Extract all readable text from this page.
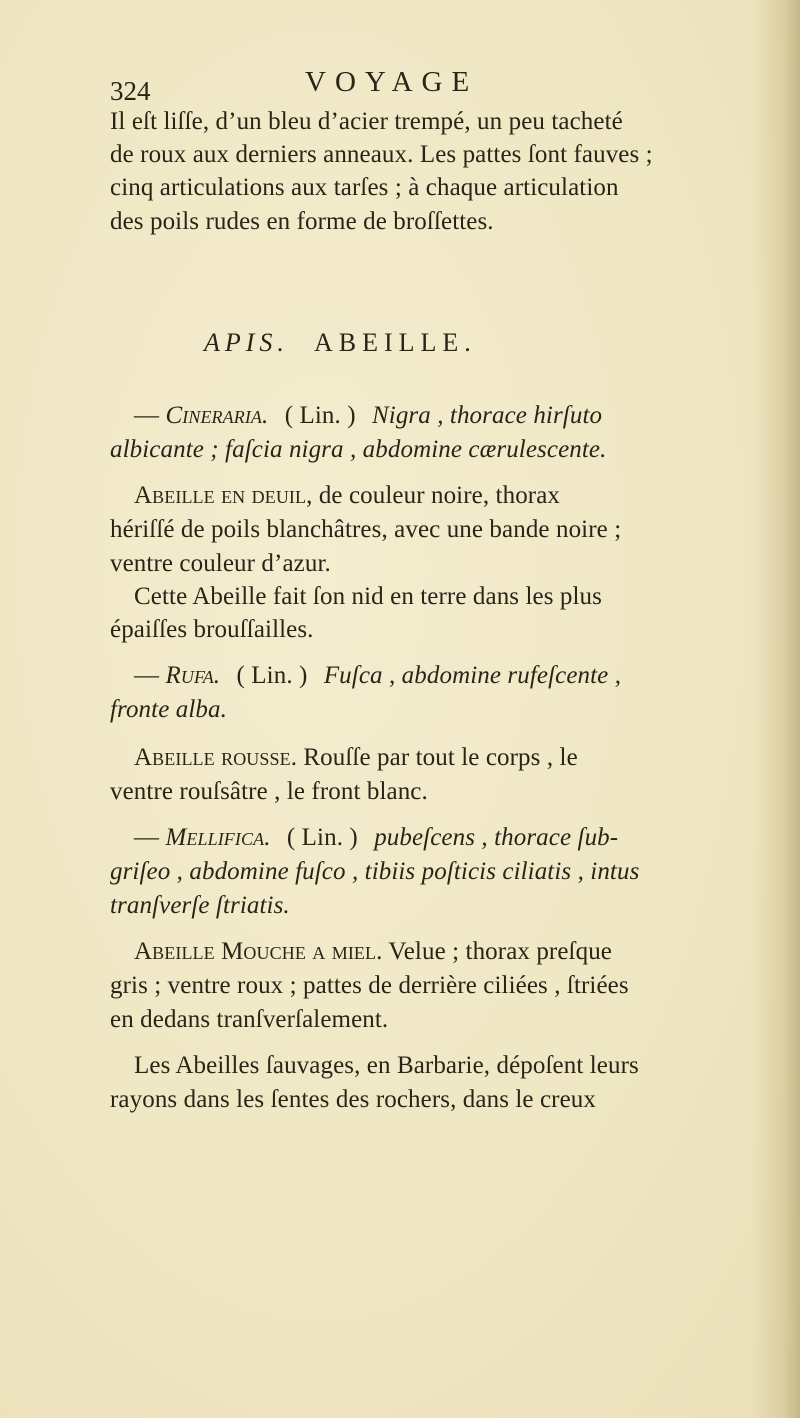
324	VOYAGE
Il eſt liſſe, d’un bleu d’acier trempé, un peu tacheté
de roux aux derniers anneaux. Les pattes ſont fauves ;
cinq articulations aux tarſes ; à chaque articulation
des poils rudes en forme de broſſettes.
APIS. ABEILLE.
— Cineraria. ( Lin. ) Nigra , thorace hirſuto
albicante ; faſcia nigra , abdomine cærulescente.
Abeille en deuil, de couleur noire, thorax
hériſſé de poils blanchâtres, avec une bande noire ;
ventre couleur d’azur.
Cette Abeille fait ſon nid en terre dans les plus
épaiſſes brouſſailles.
— Rufa. ( Lin. ) Fuſca , abdomine rufeſcente ,
fronte alba.
Abeille rousse. Rouſſe par tout le corps , le
ventre rouſsâtre , le front blanc.
— Mellifica. ( Lin. ) pubeſcens , thorace ſub-
griſeo , abdomine fuſco , tibiis poſticis ciliatis , intus
tranſverſe ſtriatis.
Abeille Mouche a miel. Velue ; thorax preſque
gris ; ventre roux ; pattes de derrière ciliées , ſtriées
en dedans tranſverſalement.
Les Abeilles ſauvages, en Barbarie, dépoſent leurs
rayons dans les ſentes des rochers, dans le creux
